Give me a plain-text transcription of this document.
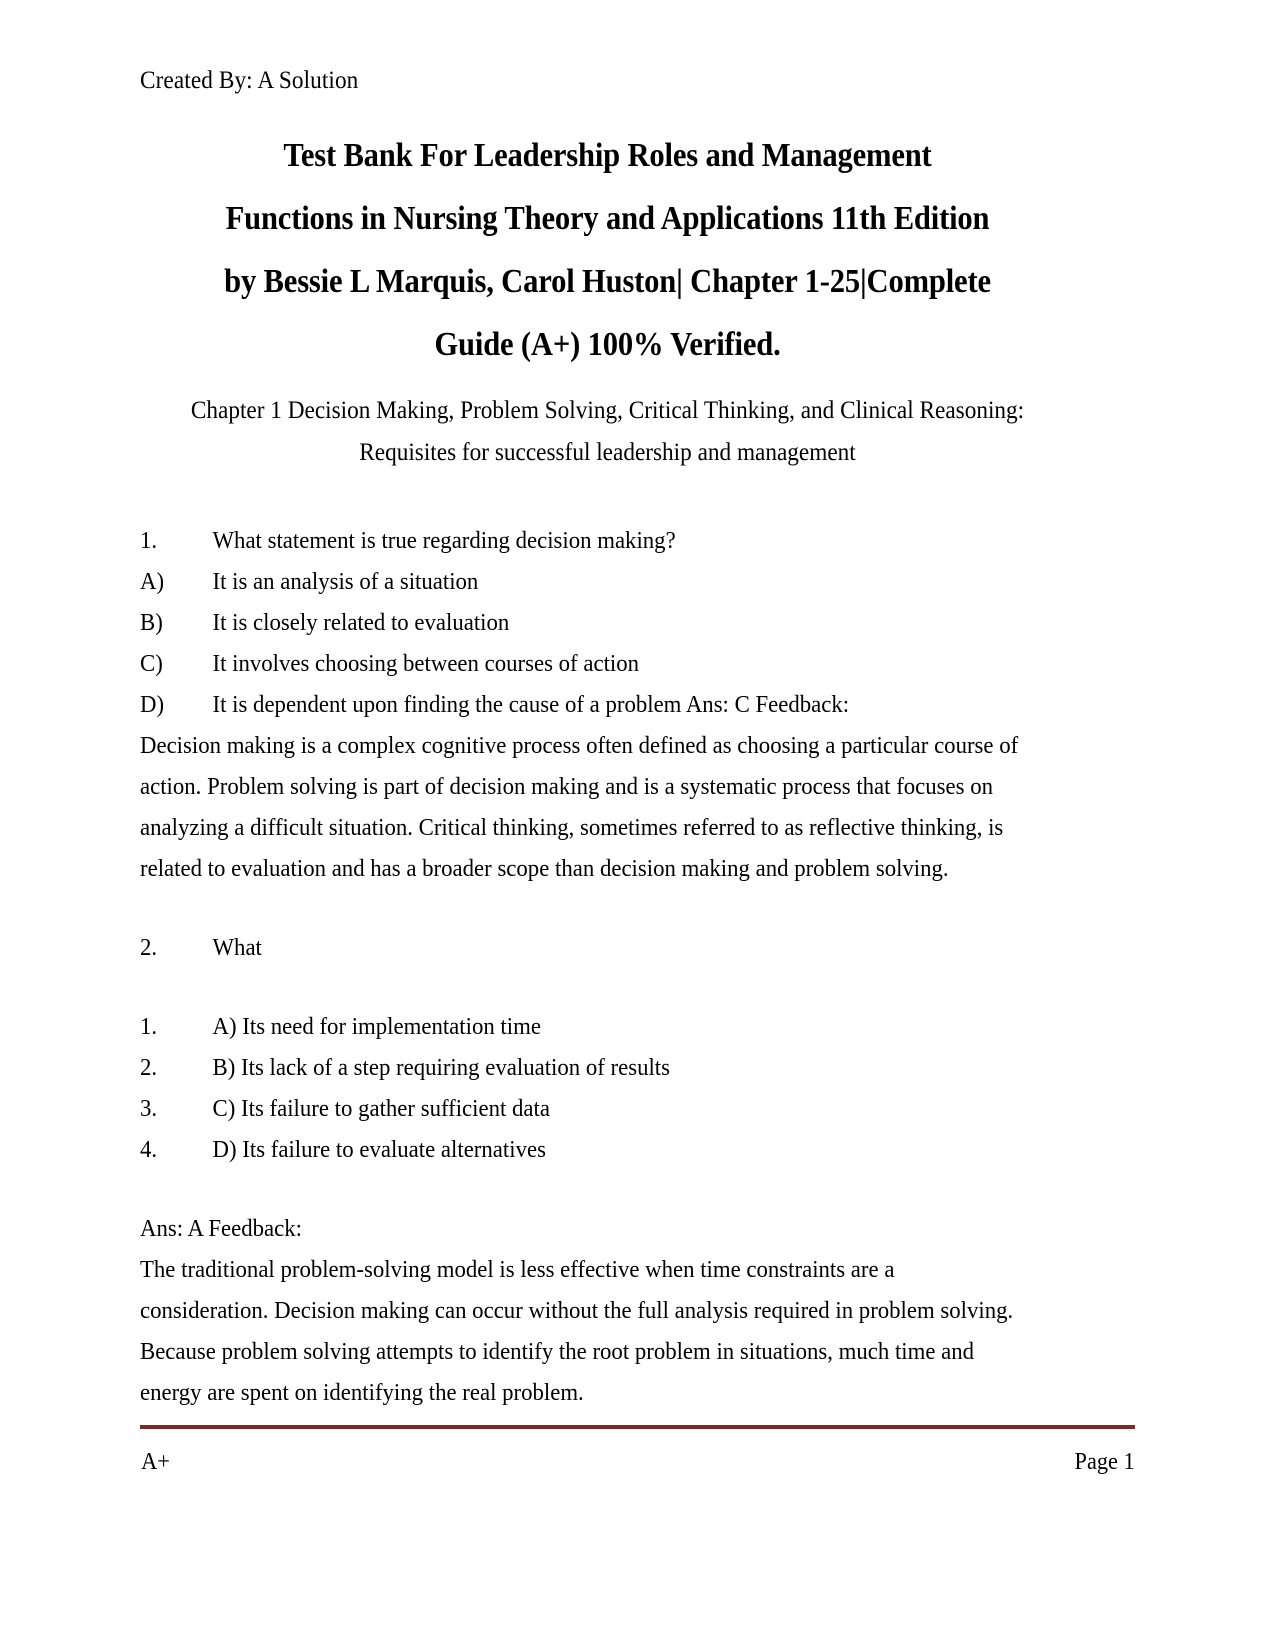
Created By: A Solution
Test Bank For Leadership Roles and Management
Functions in Nursing Theory and Applications 11th Edition
by Bessie L Marquis, Carol Huston| Chapter 1-25|Complete
Guide (A+) 100% Verified.
Chapter 1 Decision Making, Problem Solving, Critical Thinking, and Clinical Reasoning:
Requisites for successful leadership and management
1. What statement is true regarding decision making?
A) It is an analysis of a situation
B) It is closely related to evaluation
C) It involves choosing between courses of action
D) It is dependent upon finding the cause of a problem Ans: C Feedback:
Decision making is a complex cognitive process often defined as choosing a particular course of
action. Problem solving is part of decision making and is a systematic process that focuses on
analyzing a difficult situation. Critical thinking, sometimes referred to as reflective thinking, is
related to evaluation and has a broader scope than decision making and problem solving.
2. What
1. A) Its need for implementation time
2. B) Its lack of a step requiring evaluation of results
3. C) Its failure to gather sufficient data
4. D) Its failure to evaluate alternatives
Ans: A Feedback:
The traditional problem-solving model is less effective when time constraints are a
consideration. Decision making can occur without the full analysis required in problem solving.
Because problem solving attempts to identify the root problem in situations, much time and
energy are spent on identifying the real problem.
A+	Page 1
